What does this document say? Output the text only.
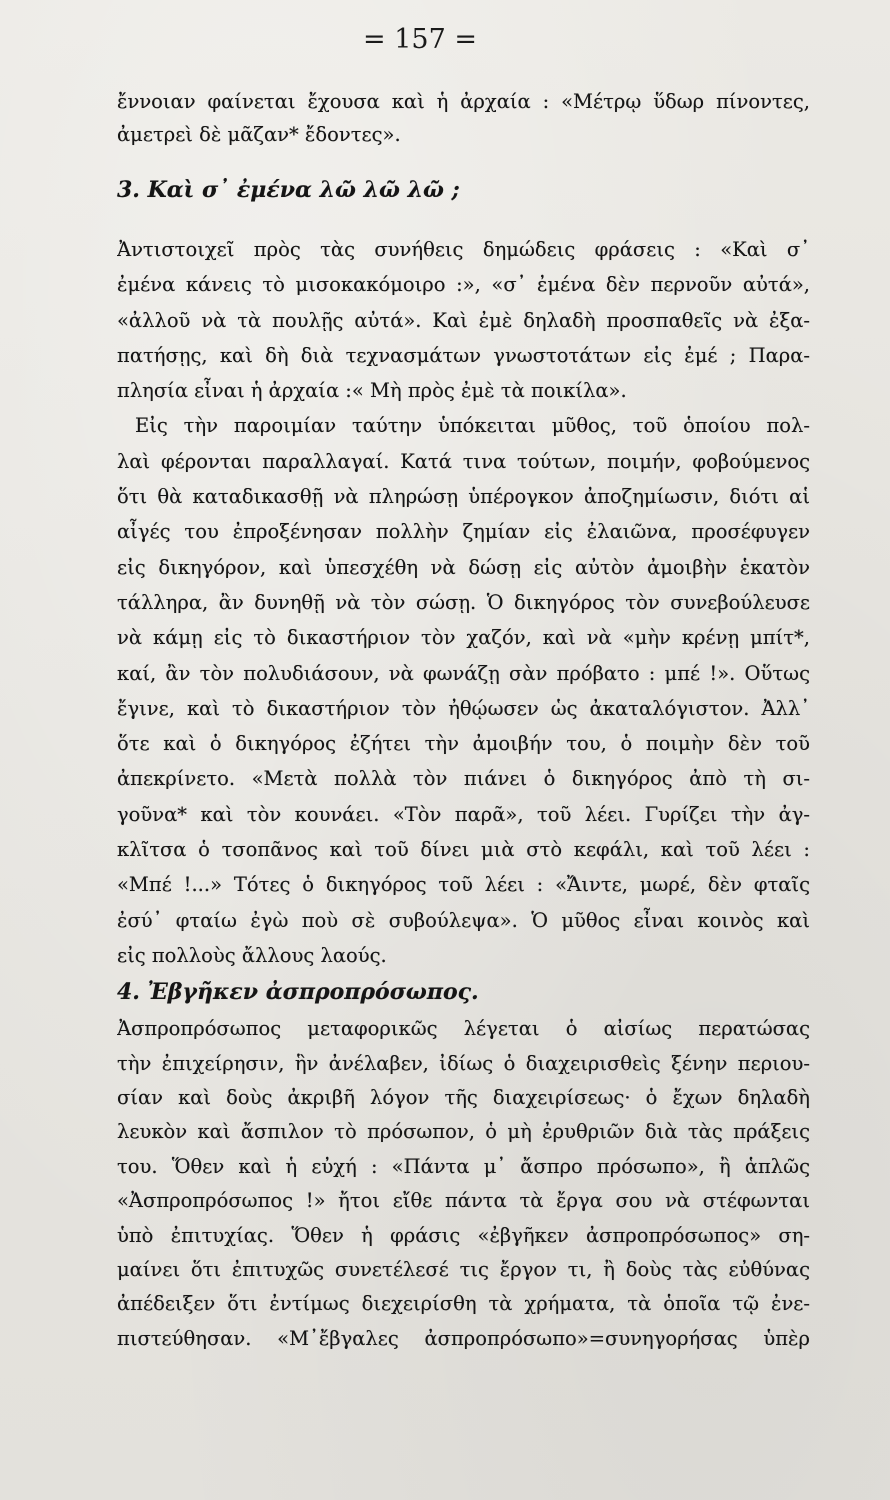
= 157 =
ἔννοιαν φαίνεται ἔχουσα καὶ ἡ ἀρχαία : «Μέτρῳ ὕδωρ πίνοντες,
ἀμετρεὶ δὲ μᾶζαν* ἔδοντες».
3. Καὶ σ᾽ ἐμένα λῶ λῶ λῶ ;
Ἀντιστοιχεῖ πρὸς τὰς συνήθεις δημώδεις φράσεις : «Καὶ σ᾽
ἐμένα κάνεις τὸ μισοκακόμοιρο :», «σ᾽ ἐμένα δὲν περνοῦν αὐτά»,
«ἀλλοῦ νὰ τὰ πουλῇς αὐτά». Καὶ ἐμὲ δηλαδὴ προσπαθεῖς νὰ ἐξα-
πατήσῃς, καὶ δὴ διὰ τεχνασμάτων γνωστοτάτων εἰς ἐμέ ; Παρα-
πλησία εἶναι ἡ ἀρχαία :« Μὴ πρὸς ἐμὲ τὰ ποικίλα».
Εἰς τὴν παροιμίαν ταύτην ὑπόκειται μῦθος, τοῦ ὁποίου πολ-
λαὶ φέρονται παραλλαγαί. Κατά τινα τούτων, ποιμήν, φοβούμενος
ὅτι θὰ καταδικασθῇ νὰ πληρώσῃ ὑπέρογκον ἀποζημίωσιν, διότι αἱ
αἶγές του ἐπροξένησαν πολλὴν ζημίαν εἰς ἐλαιῶνα, προσέφυγεν
εἰς δικηγόρον, καὶ ὑπεσχέθη νὰ δώσῃ εἰς αὐτὸν ἀμοιβὴν ἑκατὸν
τάλληρα, ἂν δυνηθῇ νὰ τὸν σώσῃ. Ὁ δικηγόρος τὸν συνεβούλευσε
νὰ κάμῃ εἰς τὸ δικαστήριον τὸν χαζόν, καὶ νὰ «μὴν κρένῃ μπίτ*,
καί, ἂν τὸν πολυδιάσουν, νὰ φωνάζῃ σὰν πρόβατο : μπέ !». Οὕτως
ἔγινε, καὶ τὸ δικαστήριον τὸν ἠθῴωσεν ὡς ἀκαταλόγιστον. Ἀλλ᾽
ὅτε καὶ ὁ δικηγόρος ἐζήτει τὴν ἀμοιβήν του, ὁ ποιμὴν δὲν τοῦ
ἀπεκρίνετο. «Μετὰ πολλὰ τὸν πιάνει ὁ δικηγόρος ἀπὸ τὴ σι-
γοῦνα* καὶ τὸν κουνάει. «Τὸν παρᾶ», τοῦ λέει. Γυρίζει τὴν ἀγ-
κλῖτσα ὁ τσοπᾶνος καὶ τοῦ δίνει μιὰ στὸ κεφάλι, καὶ τοῦ λέει :
«Μπέ !...» Τότες ὁ δικηγόρος τοῦ λέει : «Ἄιντε, μωρέ, δὲν φταῖς
ἐσύ᾽ φταίω ἐγὼ ποὺ σὲ συβούλεψα». Ὁ μῦθος εἶναι κοινὸς καὶ
εἰς πολλοὺς ἄλλους λαούς.
4. Ἐβγῆκεν ἀσπροπρόσωπος.
Ἀσπροπρόσωπος μεταφορικῶς λέγεται ὁ αἰσίως περατώσας
τὴν ἐπιχείρησιν, ἣν ἀνέλαβεν, ἰδίως ὁ διαχειρισθεὶς ξένην περιου-
σίαν καὶ δοὺς ἀκριβῆ λόγον τῆς διαχειρίσεως· ὁ ἔχων δηλαδὴ
λευκὸν καὶ ἄσπιλον τὸ πρόσωπον, ὁ μὴ ἐρυθριῶν διὰ τὰς πράξεις
του. Ὅθεν καὶ ἡ εὐχή : «Πάντα μ᾽ ἄσπρο πρόσωπο», ἢ ἁπλῶς
«Ἀσπροπρόσωπος !» ἤτοι εἴθε πάντα τὰ ἔργα σου νὰ στέφωνται
ὑπὸ ἐπιτυχίας. Ὅθεν ἡ φράσις «ἐβγῆκεν ἀσπροπρόσωπος» ση-
μαίνει ὅτι ἐπιτυχῶς συνετέλεσέ τις ἔργον τι, ἢ δοὺς τὰς εὐθύνας
ἀπέδειξεν ὅτι ἐντίμως διεχειρίσθη τὰ χρήματα, τὰ ὁποῖα τῷ ἐνε-
πιστεύθησαν. «Μ᾽ἔβγαλες ἀσπροπρόσωπο»=συνηγορήσας ὑπὲρ
